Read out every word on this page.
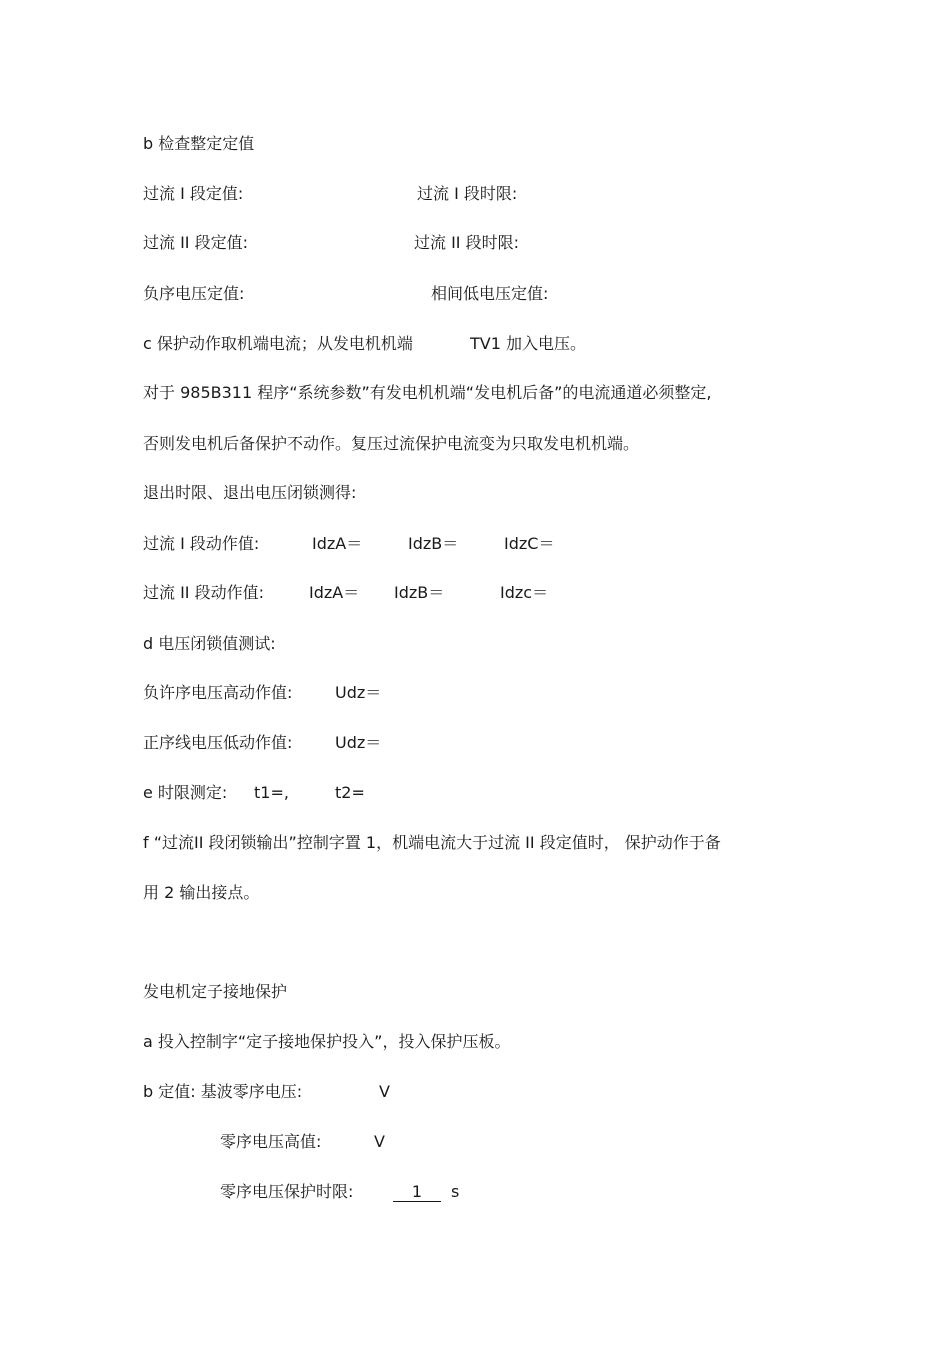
b 检查整定定值
过流 I 段定值:	过流 I 段时限:
过流 II 段定值:	过流 II 段时限:
负序电压定值:	相间低电压定值:
c 保护动作取机端电流；从发电机机端	TV1 加入电压。
对于 985B311 程序“系统参数”有发电机机端“发电机后备”的电流通道必须整定,
否则发电机后备保护不动作。复压过流保护电流变为只取发电机机端。
退出时限、退出电压闭锁测得:
过流 I 段动作值:	IdzA＝	IdzB＝	IdzC＝
过流 II 段动作值:	IdzA＝ IdzB＝	Idzc＝
d 电压闭锁值测试:
负许序电压高动作值:	Udz＝
正序线电压低动作值:	Udz＝
e 时限测定: t1=,	t2=
f “过流II 段闭锁输出”控制字置 1，机端电流大于过流 II 段定值时， 保护动作于备
用 2 输出接点。
发电机定子接地保护
a 投入控制字“定子接地保护投入”，投入保护压板。
b 定值: 基波零序电压:	V
零序电压高值:	V
零序电压保护时限:	1	s
